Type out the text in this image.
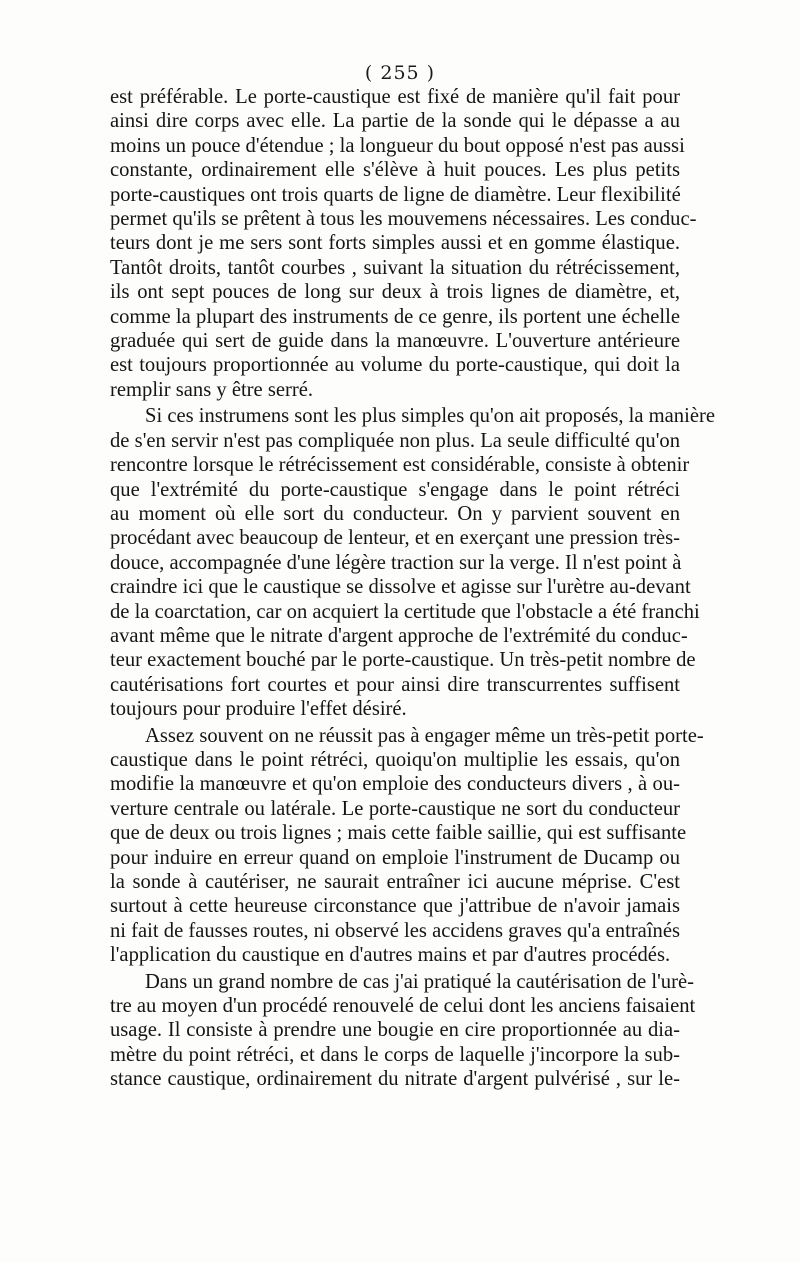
( 255 )
est préférable. Le porte-caustique est fixé de manière qu'il fait pour
ainsi dire corps avec elle. La partie de la sonde qui le dépasse a au
moins un pouce d'étendue ; la longueur du bout opposé n'est pas aussi
constante, ordinairement elle s'élève à huit pouces. Les plus petits
porte-caustiques ont trois quarts de ligne de diamètre. Leur flexibilité
permet qu'ils se prêtent à tous les mouvemens nécessaires. Les conduc-
teurs dont je me sers sont forts simples aussi et en gomme élastique.
Tantôt droits, tantôt courbes , suivant la situation du rétrécissement,
ils ont sept pouces de long sur deux à trois lignes de diamètre, et,
comme la plupart des instruments de ce genre, ils portent une échelle
graduée qui sert de guide dans la manœuvre. L'ouverture antérieure
est toujours proportionnée au volume du porte-caustique, qui doit la
remplir sans y être serré.
Si ces instrumens sont les plus simples qu'on ait proposés, la manière
de s'en servir n'est pas compliquée non plus. La seule difficulté qu'on
rencontre lorsque le rétrécissement est considérable, consiste à obtenir
que l'extrémité du porte-caustique s'engage dans le point rétréci
au moment où elle sort du conducteur. On y parvient souvent en
procédant avec beaucoup de lenteur, et en exerçant une pression très-
douce, accompagnée d'une légère traction sur la verge. Il n'est point à
craindre ici que le caustique se dissolve et agisse sur l'urètre au-devant
de la coarctation, car on acquiert la certitude que l'obstacle a été franchi
avant même que le nitrate d'argent approche de l'extrémité du conduc-
teur exactement bouché par le porte-caustique. Un très-petit nombre de
cautérisations fort courtes et pour ainsi dire transcurrentes suffisent
toujours pour produire l'effet désiré.
Assez souvent on ne réussit pas à engager même un très-petit porte-
caustique dans le point rétréci, quoiqu'on multiplie les essais, qu'on
modifie la manœuvre et qu'on emploie des conducteurs divers , à ou-
verture centrale ou latérale. Le porte-caustique ne sort du conducteur
que de deux ou trois lignes ; mais cette faible saillie, qui est suffisante
pour induire en erreur quand on emploie l'instrument de Ducamp ou
la sonde à cautériser, ne saurait entraîner ici aucune méprise. C'est
surtout à cette heureuse circonstance que j'attribue de n'avoir jamais
ni fait de fausses routes, ni observé les accidens graves qu'a entraînés
l'application du caustique en d'autres mains et par d'autres procédés.
Dans un grand nombre de cas j'ai pratiqué la cautérisation de l'urè-
tre au moyen d'un procédé renouvelé de celui dont les anciens faisaient
usage. Il consiste à prendre une bougie en cire proportionnée au dia-
mètre du point rétréci, et dans le corps de laquelle j'incorpore la sub-
stance caustique, ordinairement du nitrate d'argent pulvérisé , sur le-
